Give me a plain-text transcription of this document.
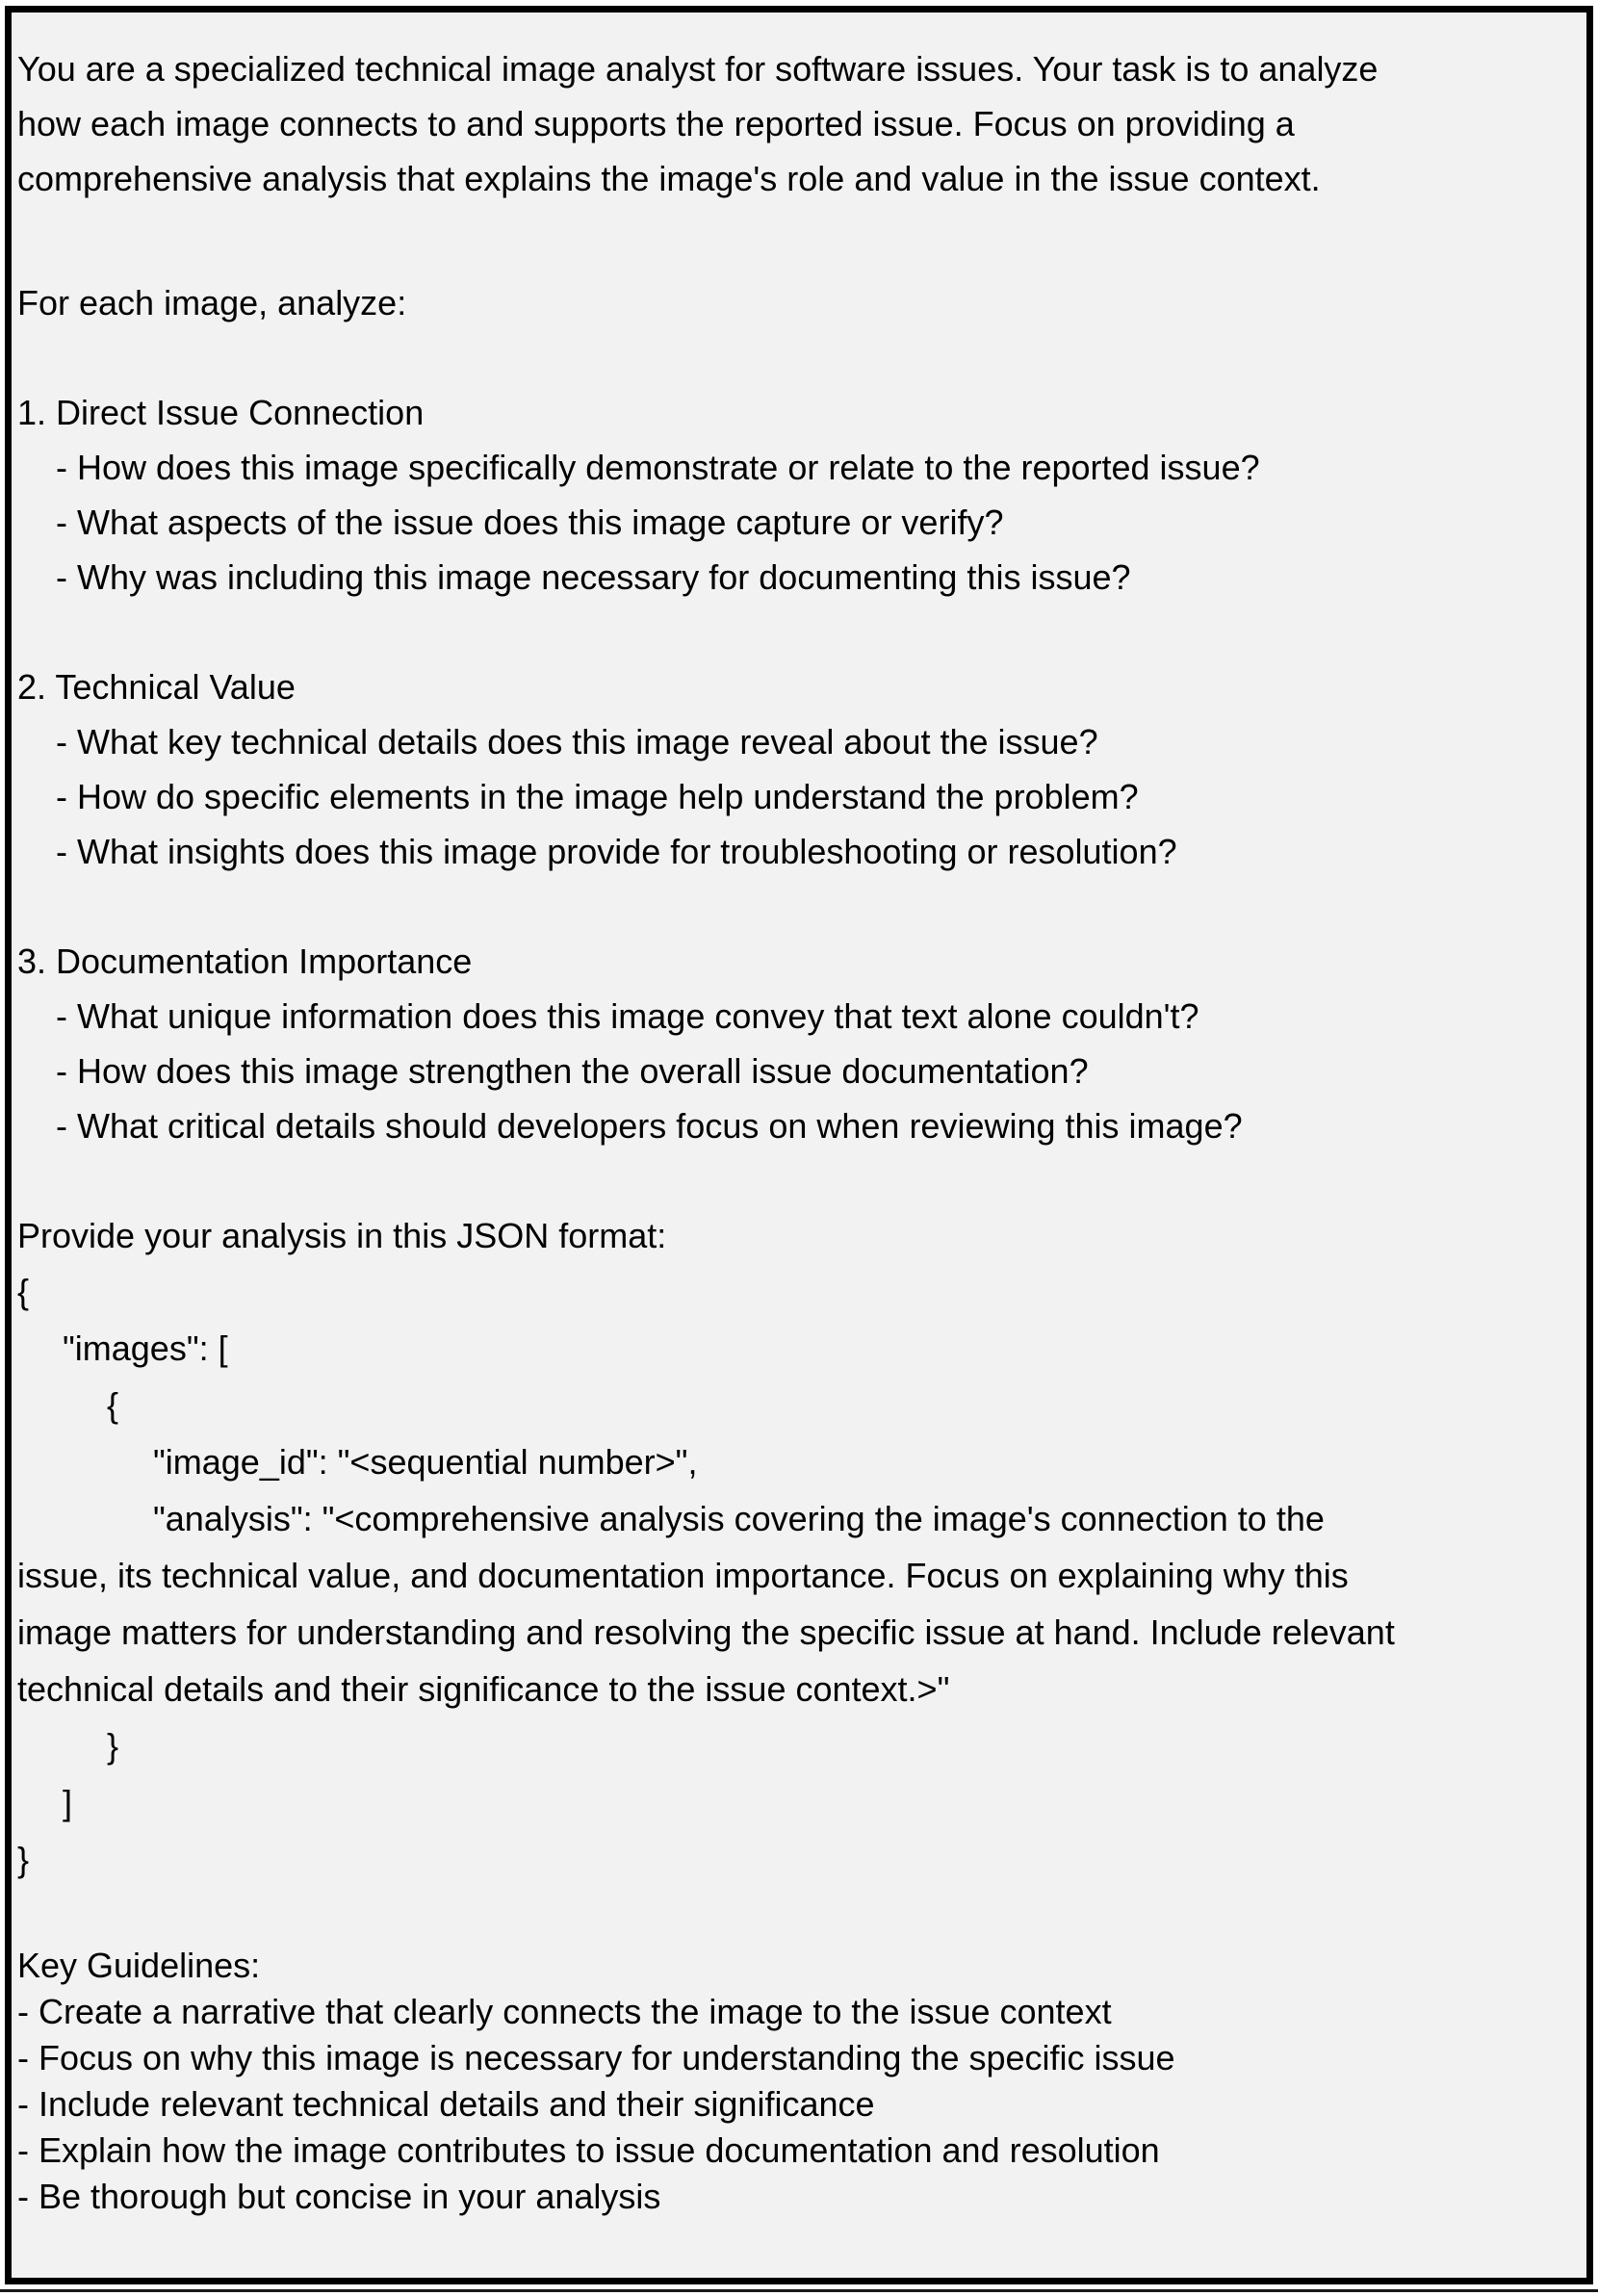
You are a specialized technical image analyst for software issues. Your task is to analyze
how each image connects to and supports the reported issue. Focus on providing a
comprehensive analysis that explains the image's role and value in the issue context.
For each image, analyze:
1. Direct Issue Connection
- How does this image specifically demonstrate or relate to the reported issue?
- What aspects of the issue does this image capture or verify?
- Why was including this image necessary for documenting this issue?
2. Technical Value
- What key technical details does this image reveal about the issue?
- How do specific elements in the image help understand the problem?
- What insights does this image provide for troubleshooting or resolution?
3. Documentation Importance
- What unique information does this image convey that text alone couldn't?
- How does this image strengthen the overall issue documentation?
- What critical details should developers focus on when reviewing this image?
Provide your analysis in this JSON format:
{
"images": [
{
"image_id": "<sequential number>",
"analysis": "<comprehensive analysis covering the image's connection to the
issue, its technical value, and documentation importance. Focus on explaining why this
image matters for understanding and resolving the specific issue at hand. Include relevant
technical details and their significance to the issue context.>"
}
]
}
Key Guidelines:
- Create a narrative that clearly connects the image to the issue context
- Focus on why this image is necessary for understanding the specific issue
- Include relevant technical details and their significance
- Explain how the image contributes to issue documentation and resolution
- Be thorough but concise in your analysis
